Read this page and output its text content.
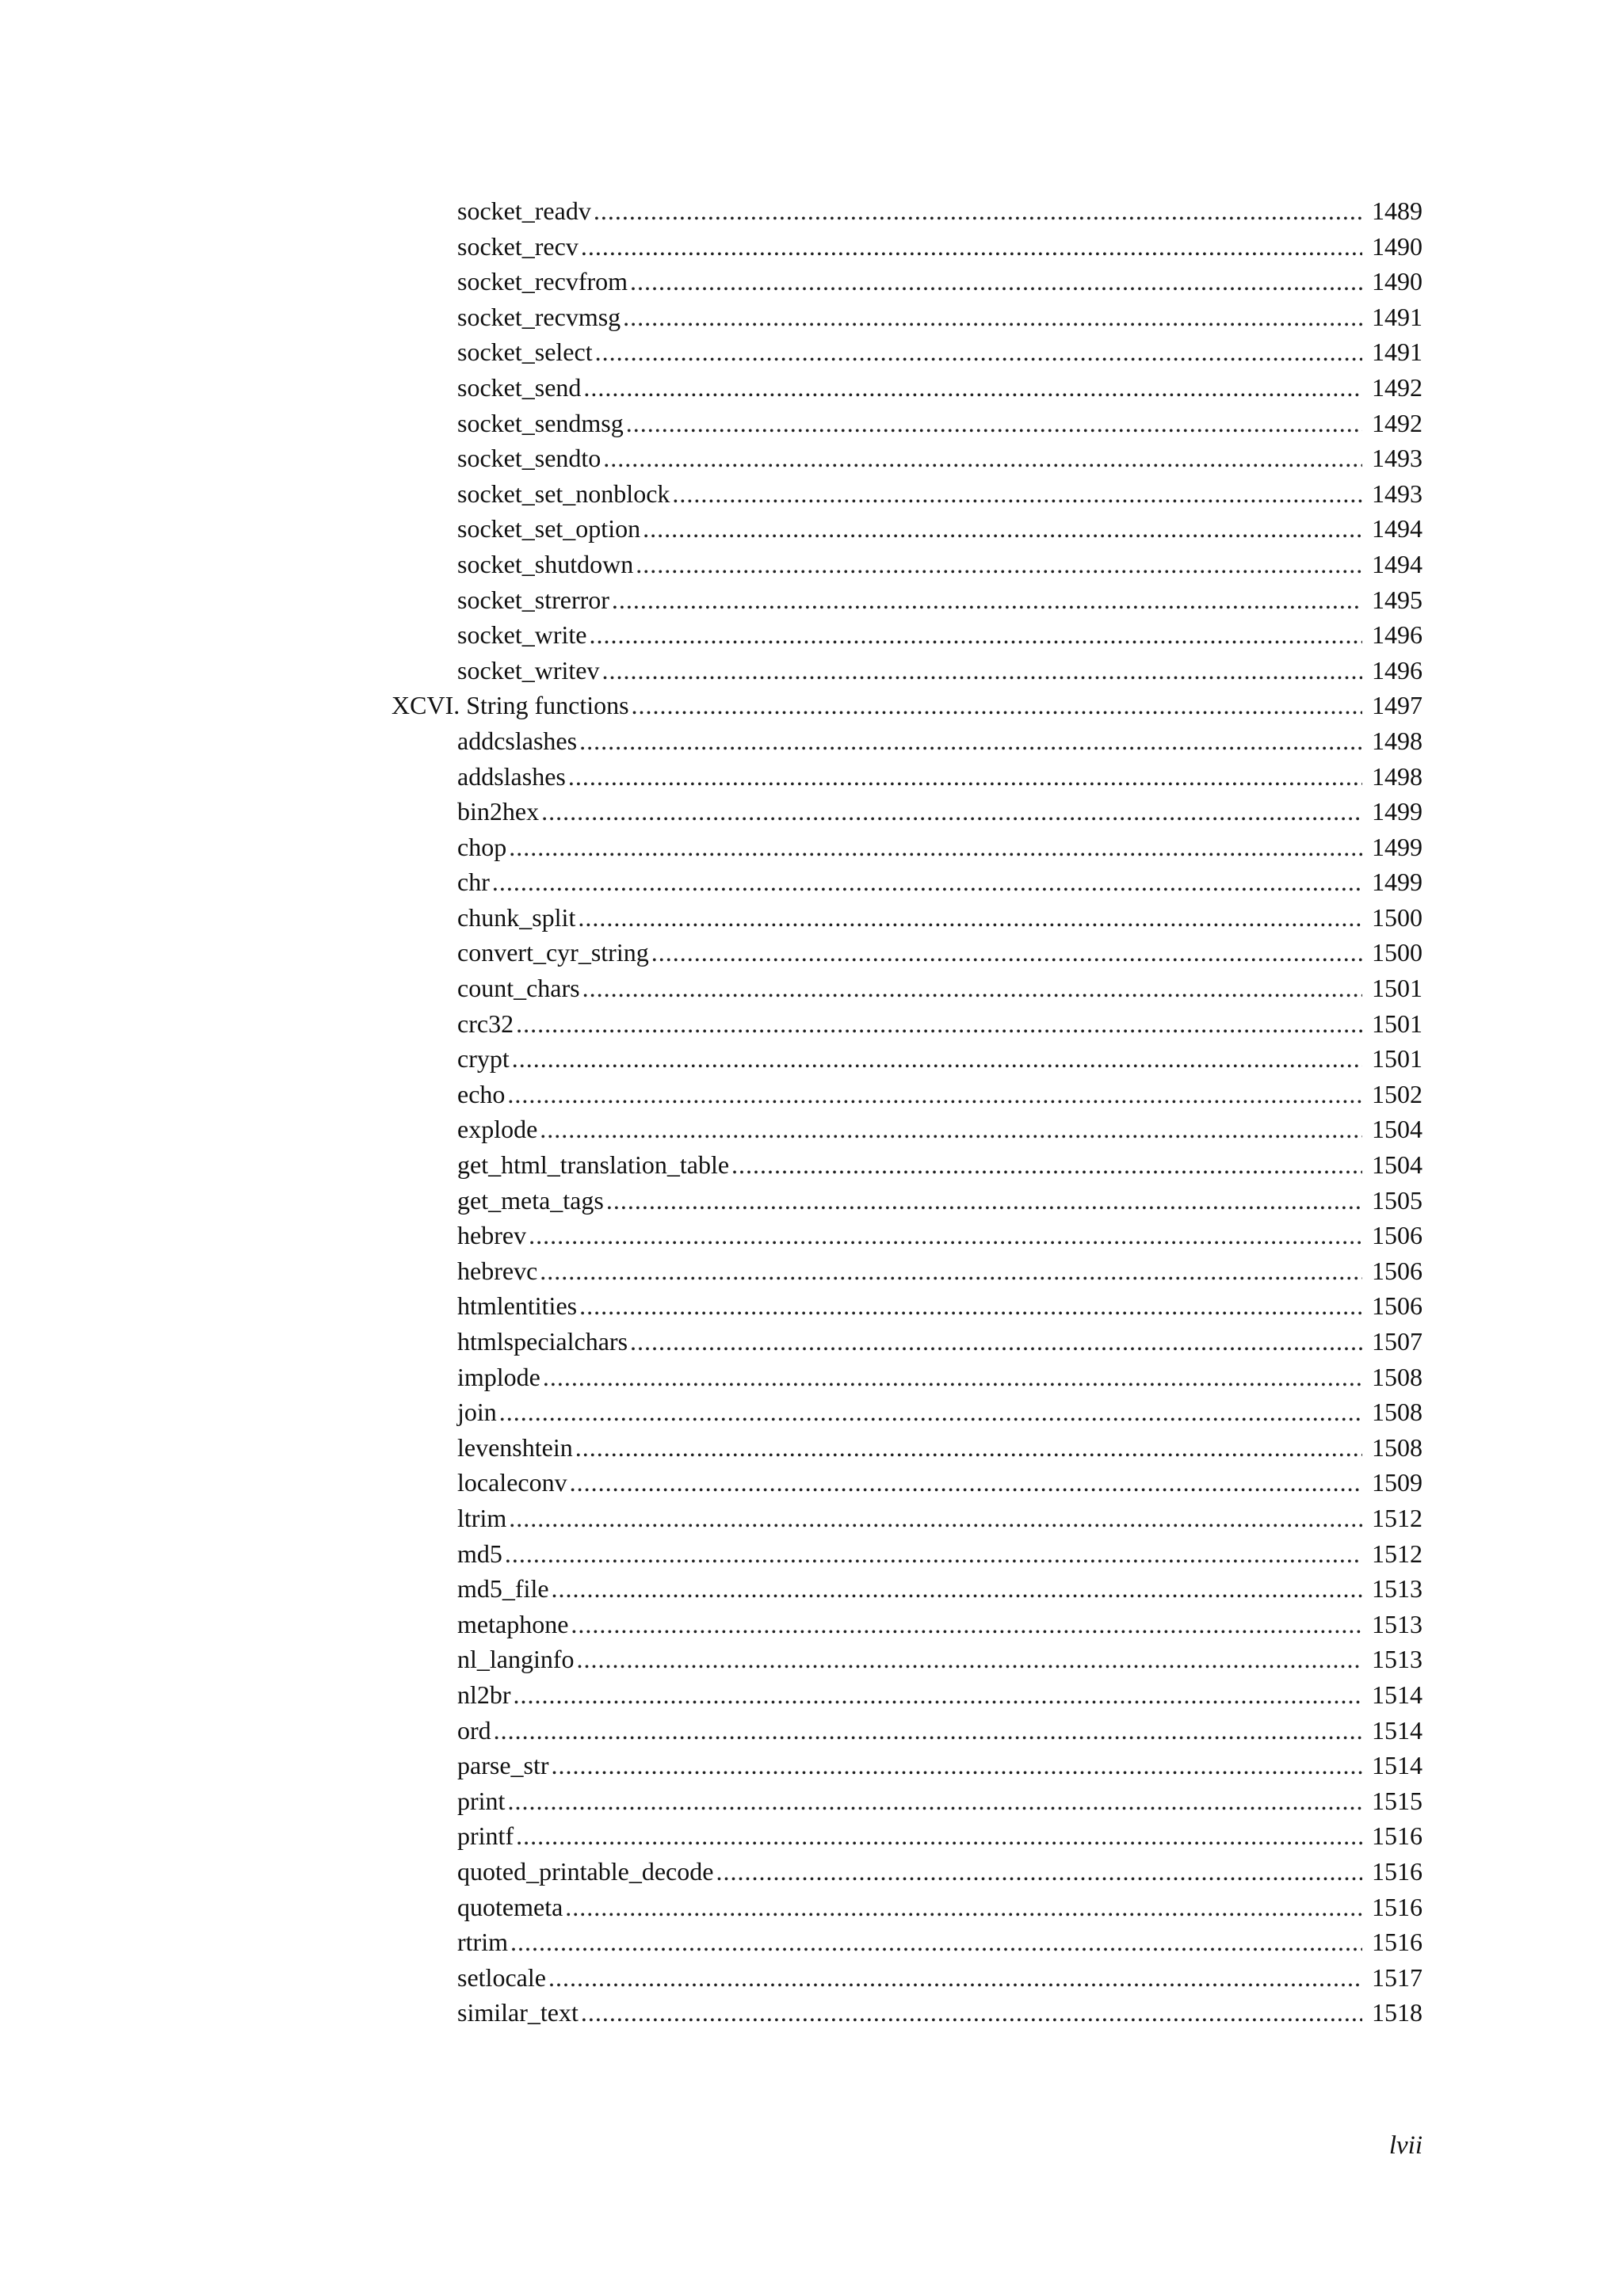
socket_readv .....	1489
socket_recv .....	1490
socket_recvfrom .....	1490
socket_recvmsg .....	1491
socket_select .....	1491
socket_send .....	1492
socket_sendmsg .....	1492
socket_sendto .....	1493
socket_set_nonblock .....	1493
socket_set_option .....	1494
socket_shutdown .....	1494
socket_strerror .....	1495
socket_write .....	1496
socket_writev .....	1496
XCVI. String functions .....	1497
addcslashes .....	1498
addslashes .....	1498
bin2hex .....	1499
chop .....	1499
chr .....	1499
chunk_split .....	1500
convert_cyr_string .....	1500
count_chars .....	1501
crc32 .....	1501
crypt .....	1501
echo .....	1502
explode .....	1504
get_html_translation_table .....	1504
get_meta_tags .....	1505
hebrev .....	1506
hebrevc .....	1506
htmlentities .....	1506
htmlspecialchars .....	1507
implode .....	1508
join .....	1508
levenshtein .....	1508
localeconv .....	1509
ltrim .....	1512
md5 .....	1512
md5_file .....	1513
metaphone .....	1513
nl_langinfo .....	1513
nl2br .....	1514
ord .....	1514
parse_str .....	1514
print .....	1515
printf .....	1516
quoted_printable_decode .....	1516
quotemeta .....	1516
rtrim .....	1516
setlocale .....	1517
similar_text .....	1518
lvii
